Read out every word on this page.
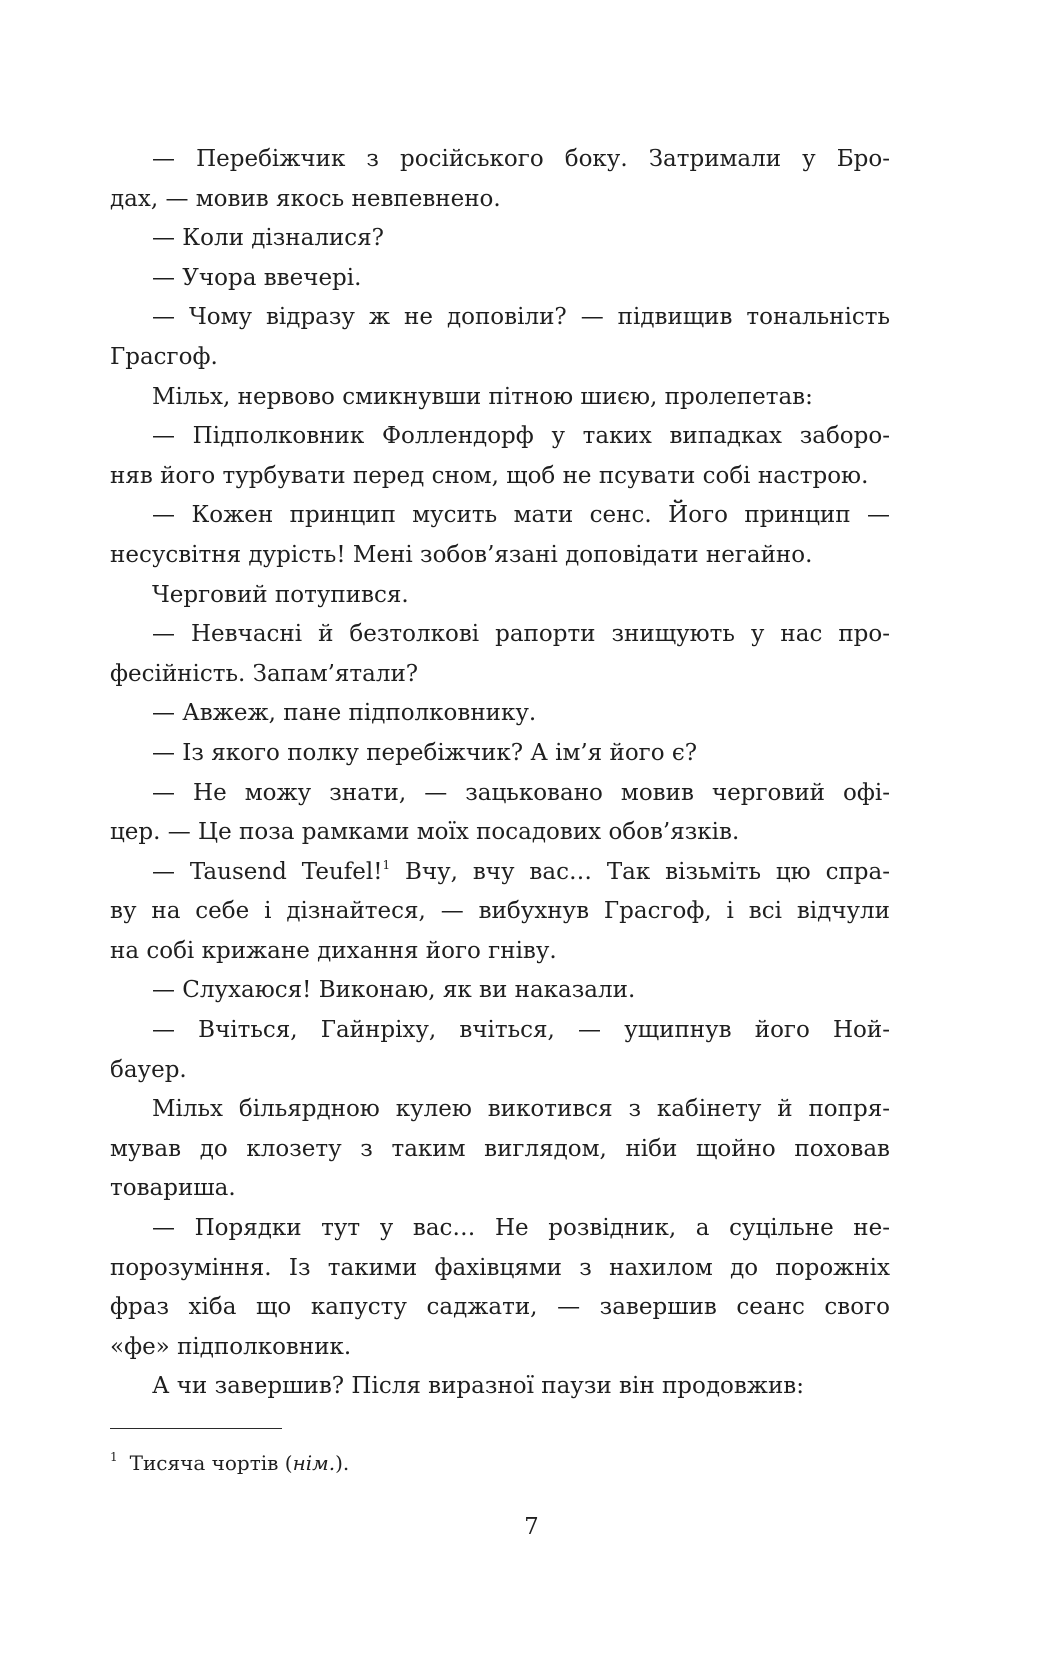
— Перебіжчик з російського боку. Затримали у Бро-
дах, — мовив якось невпевнено.
— Коли дізналися?
— Учора ввечері.
— Чому відразу ж не доповіли? — підвищив тональність
Грасгоф.
Мільх, нервово смикнувши пітною шиєю, пролепетав:
— Підполковник Фоллендорф у таких випадках заборо-
няв його турбувати перед сном, щоб не псувати собі настрою.
— Кожен принцип мусить мати сенс. Його принцип —
несусвітня дурість! Мені зобов’язані доповідати негайно.
Черговий потупився.
— Невчасні й безтолкові рапорти знищують у нас про-
фесійність. Запам’ятали?
— Авжеж, пане підполковнику.
— Із якого полку перебіжчик? А ім’я його є?
— Не можу знати, — зацьковано мовив черговий офі-
цер. — Це поза рамками моїх посадових обов’язків.
— Tausend Teufel!$^1$ Вчу, вчу вас… Так візьміть цю спра-
ву на себе і дізнайтеся, — вибухнув Грасгоф, і всі відчули
на собі крижане дихання його гніву.
— Слухаюся! Виконаю, як ви наказали.
— Вчіться, Гайнріху, вчіться, — ущипнув його Ной-
бауер.
Мільх більярдною кулею викотився з кабінету й попря-
мував до клозету з таким виглядом, ніби щойно поховав
товариша.
— Порядки тут у вас… Не розвідник, а суцільне не-
порозуміння. Із такими фахівцями з нахилом до порожніх
фраз хіба що капусту саджати, — завершив сеанс свого
«фе» підполковник.
А чи завершив? Після виразної паузи він продовжив:
$^1$ Тисяча чортів (нім.).
7
